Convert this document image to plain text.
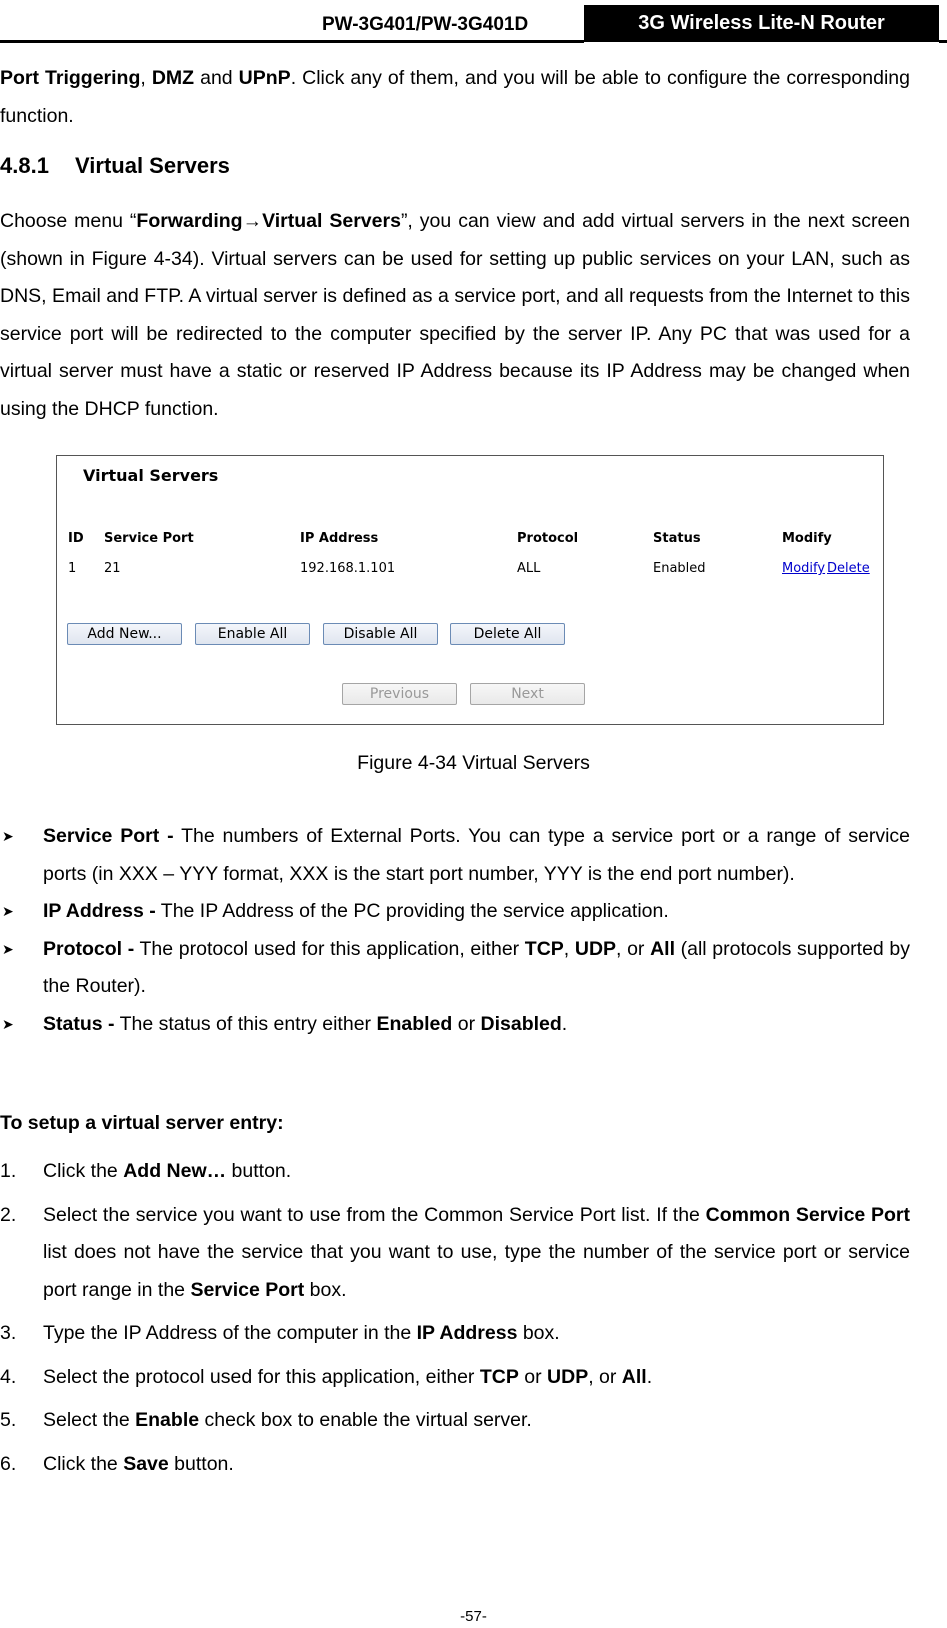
PW-3G401/PW-3G401D	3G Wireless Lite-N Router
Port Triggering, DMZ and UPnP. Click any of them, and you will be able to configure the corresponding function.
4.8.1 Virtual Servers
Choose menu “Forwarding→Virtual Servers”, you can view and add virtual servers in the next screen (shown in Figure 4-34). Virtual servers can be used for setting up public services on your LAN, such as DNS, Email and FTP. A virtual server is defined as a service port, and all requests from the Internet to this service port will be redirected to the computer specified by the server IP. Any PC that was used for a virtual server must have a static or reserved IP Address because its IP Address may be changed when using the DHCP function.
Virtual Servers
ID Service Port	IP Address	Protocol	Status	Modify
1 21	192.168.1.101	ALL	Enabled	Modify Delete
Add New...	Enable All	Disable All	Delete All
Previous	Next
Figure 4-34 Virtual Servers
➤ Service Port - The numbers of External Ports. You can type a service port or a range of service ports (in XXX – YYY format, XXX is the start port number, YYY is the end port number).
➤ IP Address - The IP Address of the PC providing the service application.
➤ Protocol - The protocol used for this application, either TCP, UDP, or All (all protocols supported by the Router).
➤ Status - The status of this entry either Enabled or Disabled.
To setup a virtual server entry:
1. Click the Add New… button.
2. Select the service you want to use from the Common Service Port list. If the Common Service Port list does not have the service that you want to use, type the number of the service port or service port range in the Service Port box.
3. Type the IP Address of the computer in the IP Address box.
4. Select the protocol used for this application, either TCP or UDP, or All.
5. Select the Enable check box to enable the virtual server.
6. Click the Save button.
-57-
